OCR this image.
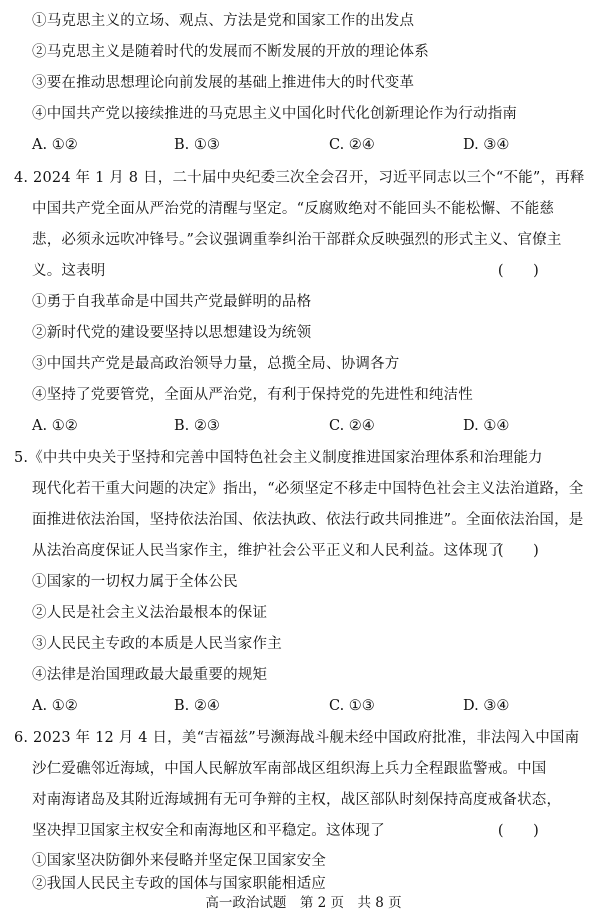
①马克思主义的立场、观点、方法是党和国家工作的出发点
②马克思主义是随着时代的发展而不断发展的开放的理论体系
③要在推动思想理论向前发展的基础上推进伟大的时代变革
④中国共产党以接续推进的马克思主义中国化时代化创新理论作为行动指南
A. ①②	B. ①③	C. ②④	D. ③④
4. 2024 年 1 月 8 日，二十届中央纪委三次全会召开，习近平同志以三个“不能”，再释
中国共产党全面从严治党的清醒与坚定。“反腐败绝对不能回头不能松懈、不能慈
悲，必须永远吹冲锋号。”会议强调重拳纠治干部群众反映强烈的形式主义、官僚主
义。这表明	(　　)
①勇于自我革命是中国共产党最鲜明的品格
②新时代党的建设要坚持以思想建设为统领
③中国共产党是最高政治领导力量，总揽全局、协调各方
④坚持了党要管党，全面从严治党，有利于保持党的先进性和纯洁性
A. ①②	B. ②③	C. ②④	D. ①④
5.《中共中央关于坚持和完善中国特色社会主义制度推进国家治理体系和治理能力
现代化若干重大问题的决定》指出，“必须坚定不移走中国特色社会主义法治道路，全
面推进依法治国，坚持依法治国、依法执政、依法行政共同推进”。全面依法治国，是
从法治高度保证人民当家作主，维护社会公平正义和人民利益。这体现了
(　　)
①国家的一切权力属于全体公民
②人民是社会主义法治最根本的保证
③人民民主专政的本质是人民当家作主
④法律是治国理政最大最重要的规矩
A. ①②	B. ②④	C. ①③	D. ③④
6. 2023 年 12 月 4 日，美“吉福兹”号濒海战斗舰未经中国政府批准，非法闯入中国南
沙仁爱礁邻近海域，中国人民解放军南部战区组织海上兵力全程跟监警戒。中国
对南海诸岛及其附近海域拥有无可争辩的主权，战区部队时刻保持高度戒备状态，
坚决捍卫国家主权安全和南海地区和平稳定。这体现了	(　　)
①国家坚决防御外来侵略并坚定保卫国家安全
②我国人民民主专政的国体与国家职能相适应
高一政治试题　第 2 页　共 8 页
